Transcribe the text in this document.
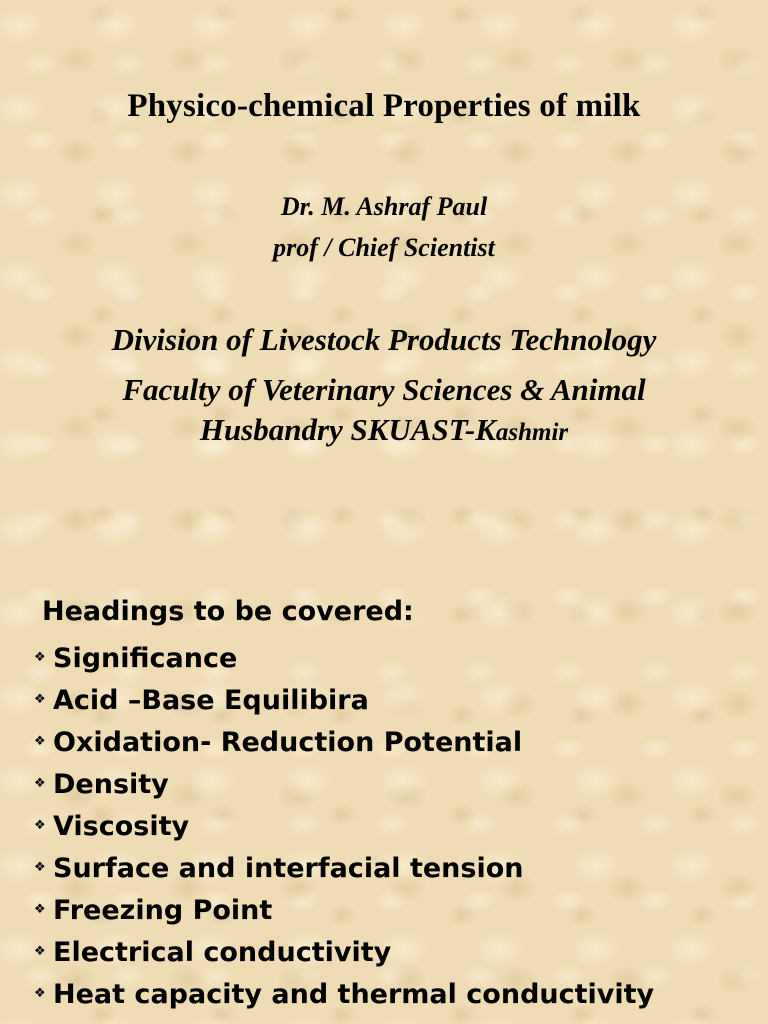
Physico-chemical Properties of milk

Dr. M. Ashraf Paul

prof / Chief Scientist

Division of Livestock Products Technology

Faculty of Veterinary Sciences & Animal
Husbandry SKUAST-Kashmir

Headings to be covered:

❖ Significance
❖ Acid –Base Equilibira
❖ Oxidation- Reduction Potential
❖ Density
❖ Viscosity
❖ Surface and interfacial tension
❖ Freezing Point
❖ Electrical conductivity
❖ Heat capacity and thermal conductivity
